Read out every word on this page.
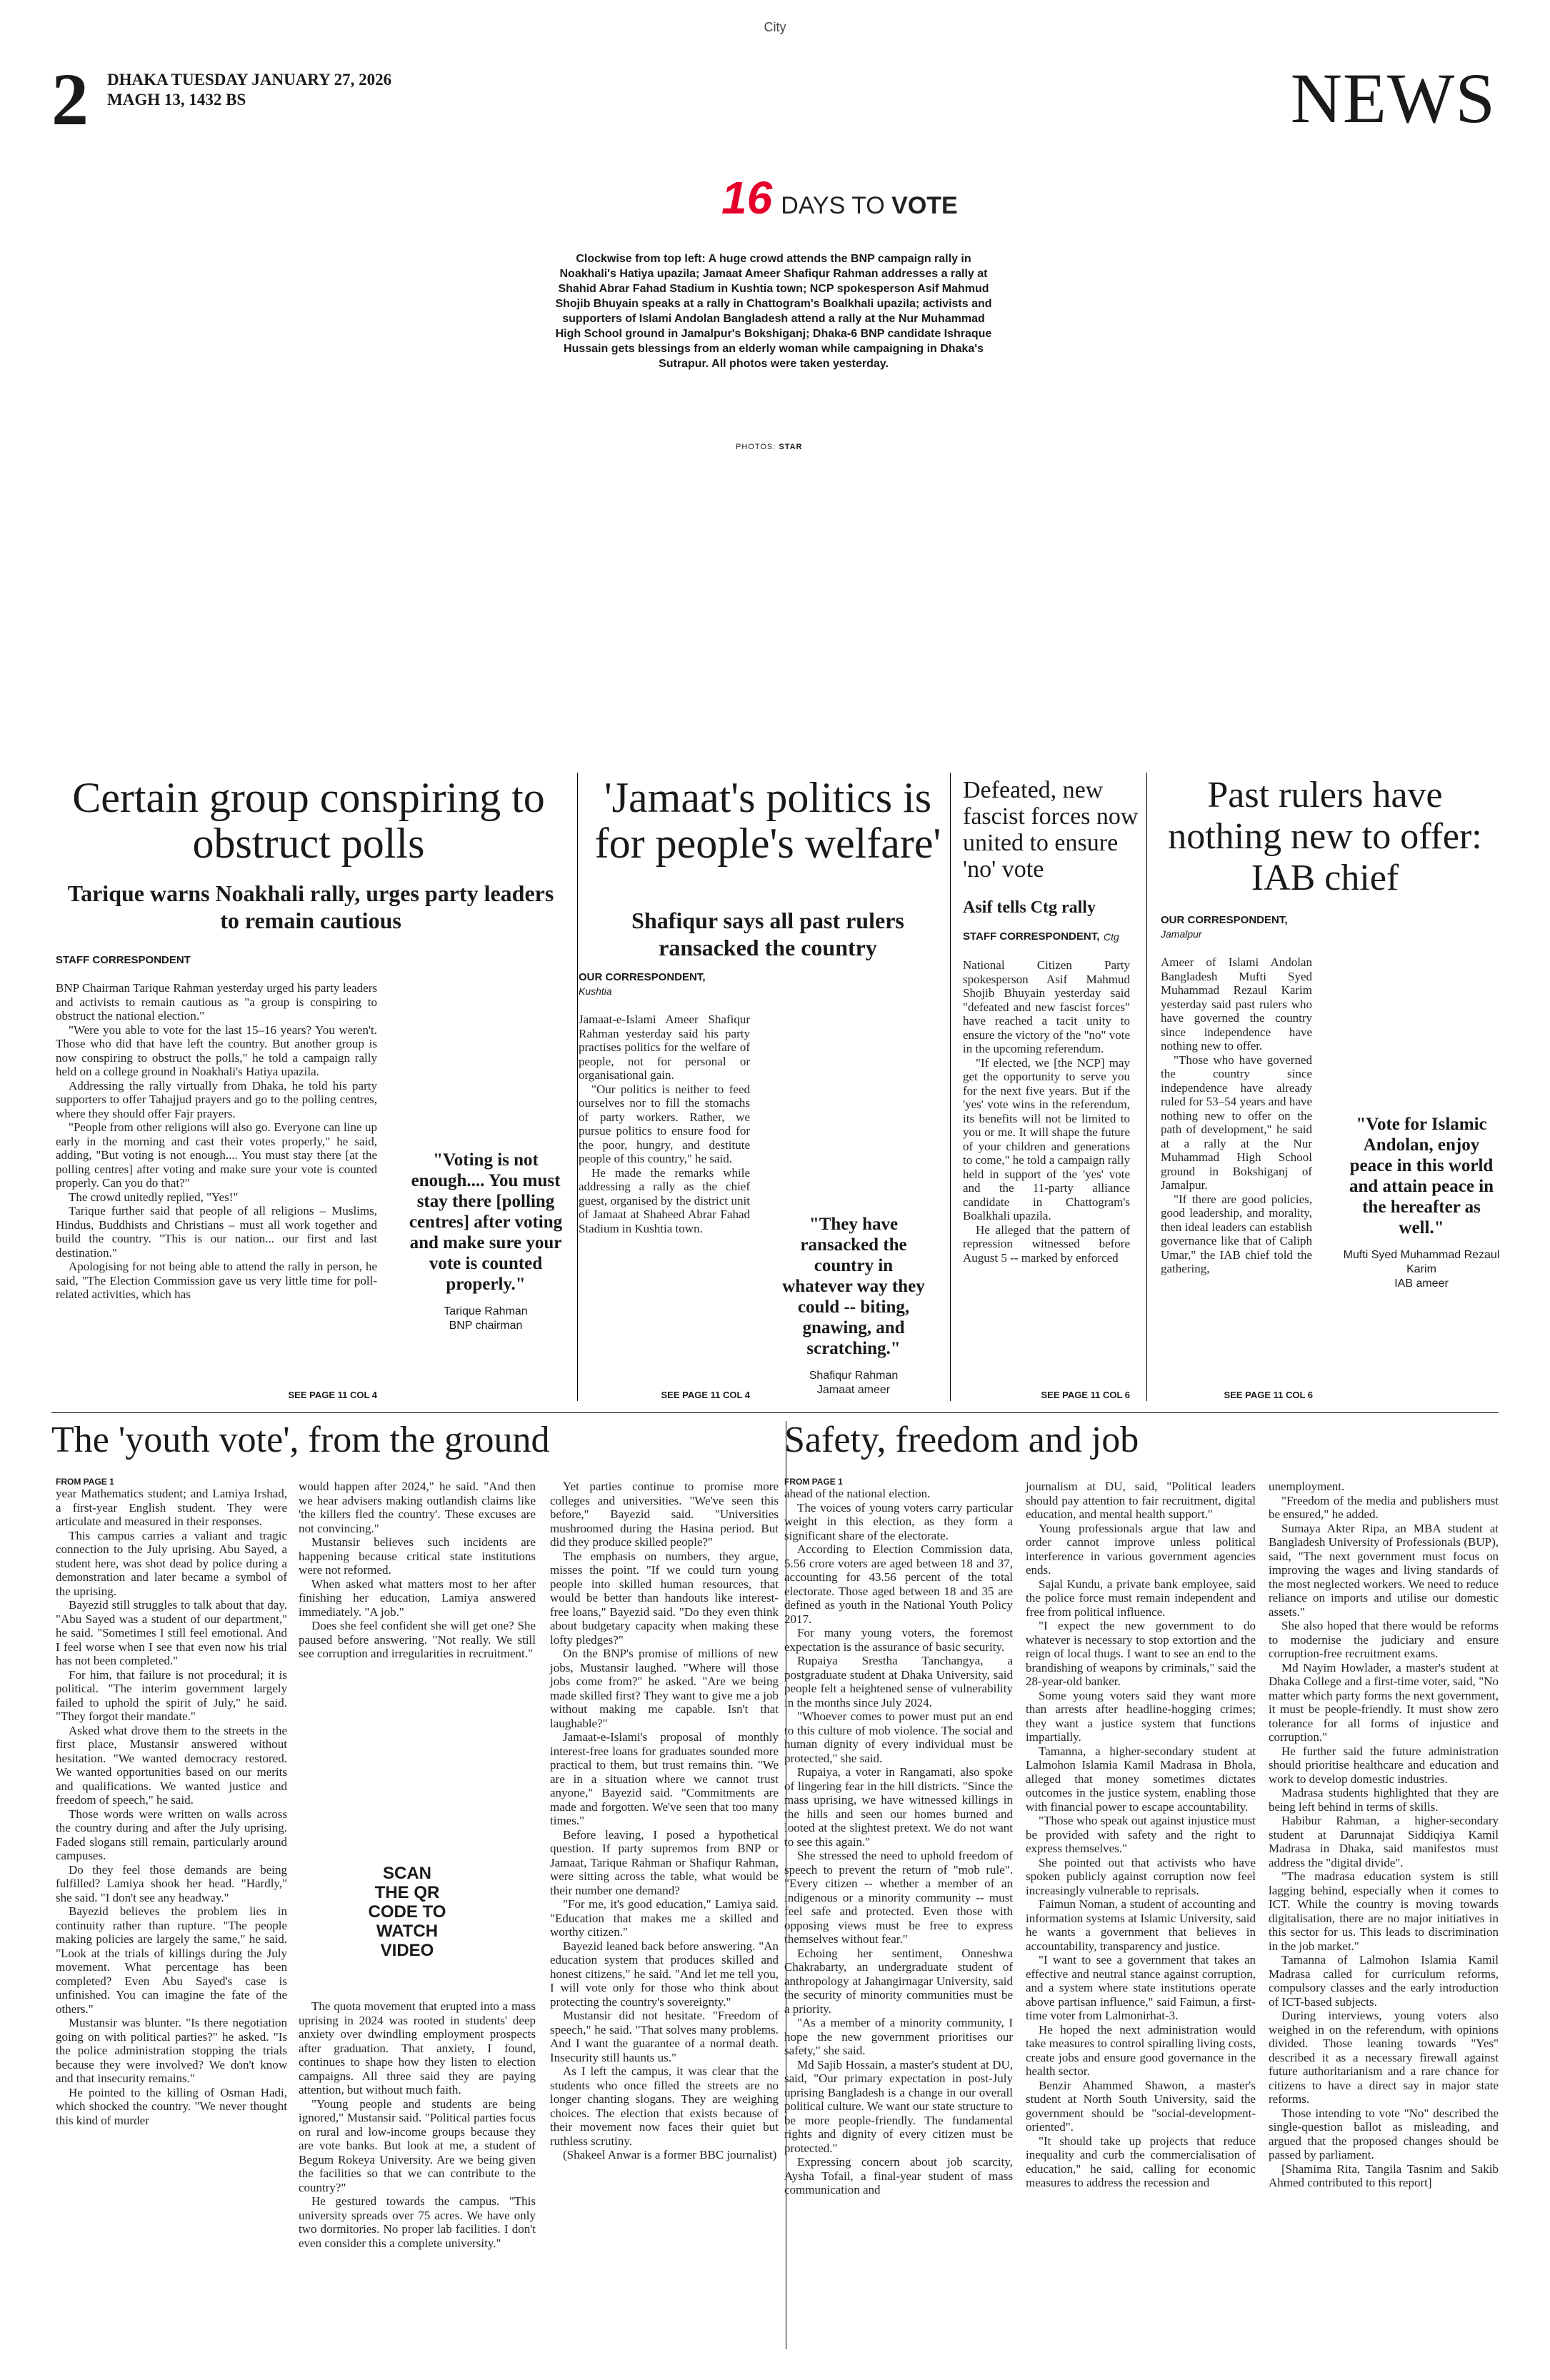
City
2 DHAKA TUESDAY JANUARY 27, 2026
MAGH 13, 1432 BS	NEWS
16 DAYS TO VOTE
Clockwise from top left: A huge crowd attends the BNP campaign rally in Noakhali's Hatiya upazila; Jamaat Ameer Shafiqur Rahman addresses a rally at Shahid Abrar Fahad Stadium in Kushtia town; NCP spokesperson Asif Mahmud Shojib Bhuyain speaks at a rally in Chattogram's Boalkhali upazila; activists and supporters of Islami Andolan Bangladesh attend a rally at the Nur Muhammad High School ground in Jamalpur's Bokshiganj; Dhaka-6 BNP candidate Ishraque Hussain gets blessings from an elderly woman while campaigning in Dhaka's Sutrapur. All photos were taken yesterday.
PHOTOS: STAR
Certain group conspiring to obstruct polls
Tarique warns Noakhali rally, urges party leaders to remain cautious
STAFF CORRESPONDENT

BNP Chairman Tarique Rahman yesterday urged his party leaders and activists to remain cautious as "a group is conspiring to obstruct the national election."

"Were you able to vote for the last 15–16 years? You weren't. Those who did that have left the country. But another group is now conspiring to obstruct the polls," he told a campaign rally held on a college ground in Noakhali's Hatiya upazila.

Addressing the rally virtually from Dhaka, he told his party supporters to offer Tahajjud prayers and go to the polling centres, where they should offer Fajr prayers.

"People from other religions will also go. Everyone can line up early in the morning and cast their votes properly," he said, adding, "But voting is not enough.... You must stay there [at the polling centres] after voting and make sure your vote is counted properly. Can you do that?"

The crowd unitedly replied, "Yes!"

Tarique further said that people of all religions – Muslims, Hindus, Buddhists and Christians – must all work together and build the country. "This is our nation... our first and last destination."

Apologising for not being able to attend the rally in person, he said, "The Election Commission gave us very little time for poll-related activities, which has

SEE PAGE 11 COL 4
"Voting is not enough.... You must stay there [polling centres] after voting and make sure your vote is counted properly."
Tarique Rahman
BNP chairman
'Jamaat's politics is for people's welfare'
Shafiqur says all past rulers ransacked the country
OUR CORRESPONDENT,
Kushtia

Jamaat-e-Islami Ameer Shafiqur Rahman yesterday said his party practises politics for the welfare of people, not for personal or organisational gain.

"Our politics is neither to feed ourselves nor to fill the stomachs of party workers. Rather, we pursue politics to ensure food for the poor, hungry, and destitute people of this country," he said.

He made the remarks while addressing a rally as the chief guest, organised by the district unit of Jamaat at Shaheed Abrar Fahad Stadium in Kushtia town.

SEE PAGE 11 COL 4
"They have ransacked the country in whatever way they could -- biting, gnawing, and scratching."
Shafiqur Rahman
Jamaat ameer
Defeated, new fascist forces now united to ensure 'no' vote
Asif tells Ctg rally
STAFF CORRESPONDENT, Ctg

National Citizen Party spokesperson Asif Mahmud Shojib Bhuyain yesterday said "defeated and new fascist forces" have reached a tacit unity to ensure the victory of the "no" vote in the upcoming referendum.

"If elected, we [the NCP] may get the opportunity to serve you for the next five years. But if the 'yes' vote wins in the referendum, its benefits will not be limited to you or me. It will shape the future of your children and generations to come," he told a campaign rally held in support of the 'yes' vote and the 11-party alliance candidate in Chattogram's Boalkhali upazila.

He alleged that the pattern of repression witnessed before August 5 -- marked by enforced

SEE PAGE 11 COL 6
Past rulers have nothing new to offer: IAB chief
OUR CORRESPONDENT,
Jamalpur

Ameer of Islami Andolan Bangladesh Mufti Syed Muhammad Rezaul Karim yesterday said past rulers who have governed the country since independence have nothing new to offer.

"Those who have governed the country since independence have already ruled for 53–54 years and have nothing new to offer on the path of development," he said at a rally at the Nur Muhammad High School ground in Bokshiganj of Jamalpur.

"If there are good policies, good leadership, and morality, then ideal leaders can establish governance like that of Caliph Umar," the IAB chief told the gathering,

SEE PAGE 11 COL 6
"Vote for Islamic Andolan, enjoy peace in this world and attain peace in the hereafter as well."
Mufti Syed Muhammad Rezaul Karim
IAB ameer
The 'youth vote', from the ground
FROM PAGE 1

year Mathematics student; and Lamiya Irshad, a first-year English student. They were articulate and measured in their responses.

This campus carries a valiant and tragic connection to the July uprising. Abu Sayed, a student here, was shot dead by police during a demonstration and later became a symbol of the uprising.

Bayezid still struggles to talk about that day. "Abu Sayed was a student of our department," he said. "Sometimes I still feel emotional. And I feel worse when I see that even now his trial has not been completed."

For him, that failure is not procedural; it is political. "The interim government largely failed to uphold the spirit of July," he said. "They forgot their mandate."

Asked what drove them to the streets in the first place, Mustansir answered without hesitation. "We wanted democracy restored. We wanted opportunities based on our merits and qualifications. We wanted justice and freedom of speech," he said.

Those words were written on walls across the country during and after the July uprising. Faded slogans still remain, particularly around campuses.

Do they feel those demands are being fulfilled? Lamiya shook her head. "Hardly," she said. "I don't see any headway."

Bayezid believes the problem lies in continuity rather than rupture. "The people making policies are largely the same," he said. "Look at the trials of killings during the July movement. What percentage has been completed? Even Abu Sayed's case is unfinished. You can imagine the fate of the others."

Mustansir was blunter. "Is there negotiation going on with political parties?" he asked. "Is the police administration stopping the trials because they were involved? We don't know and that insecurity remains."

He pointed to the killing of Osman Hadi, which shocked the country. "We never thought this kind of murder

would happen after 2024," he said. "And then we hear advisers making outlandish claims like 'the killers fled the country'. These excuses are not convincing."

Mustansir believes such incidents are happening because critical state institutions were not reformed.

When asked what matters most to her after finishing her education, Lamiya answered immediately. "A job."

Does she feel confident she will get one? She paused before answering. "Not really. We still see corruption and irregularities in recruitment."

SCAN THE QR CODE TO WATCH VIDEO

The quota movement that erupted into a mass uprising in 2024 was rooted in students' deep anxiety over dwindling employment prospects after graduation. That anxiety, I found, continues to shape how they listen to election campaigns. All three said they are paying attention, but without much faith.

"Young people and students are being ignored," Mustansir said. "Political parties focus on rural and low-income groups because they are vote banks. But look at me, a student of Begum Rokeya University. Are we being given the facilities so that we can contribute to the country?"

He gestured towards the campus. "This university spreads over 75 acres. We have only two dormitories. No proper lab facilities. I don't even consider this a complete university."

Yet parties continue to promise more colleges and universities. "We've seen this before," Bayezid said. "Universities mushroomed during the Hasina period. But did they produce skilled people?"

The emphasis on numbers, they argue, misses the point. "If we could turn young people into skilled human resources, that would be better than handouts like interest-free loans," Bayezid said. "Do they even think about budgetary capacity when making these lofty pledges?"

On the BNP's promise of millions of new jobs, Mustansir laughed. "Where will those jobs come from?" he asked. "Are we being made skilled first? They want to give me a job without making me capable. Isn't that laughable?"

Jamaat-e-Islami's proposal of monthly interest-free loans for graduates sounded more practical to them, but trust remains thin. "We are in a situation where we cannot trust anyone," Bayezid said. "Commitments are made and forgotten. We've seen that too many times."

Before leaving, I posed a hypothetical question. If party supremos from BNP or Jamaat, Tarique Rahman or Shafiqur Rahman, were sitting across the table, what would be their number one demand?

"For me, it's good education," Lamiya said. "Education that makes me a skilled and worthy citizen."

Bayezid leaned back before answering. "An education system that produces skilled and honest citizens," he said. "And let me tell you, I will vote only for those who think about protecting the country's sovereignty."

Mustansir did not hesitate. "Freedom of speech," he said. "That solves many problems. And I want the guarantee of a normal death. Insecurity still haunts us."

As I left the campus, it was clear that the students who once filled the streets are no longer chanting slogans. They are weighing choices. The election that exists because of their movement now faces their quiet but ruthless scrutiny.

(Shakeel Anwar is a former BBC journalist)

Safety, freedom and job
FROM PAGE 1

ahead of the national election.

The voices of young voters carry particular weight in this election, as they form a significant share of the electorate.

According to Election Commission data, 5.56 crore voters are aged between 18 and 37, accounting for 43.56 percent of the total electorate. Those aged between 18 and 35 are defined as youth in the National Youth Policy 2017.

For many young voters, the foremost expectation is the assurance of basic security.

Rupaiya Srestha Tanchangya, a postgraduate student at Dhaka University, said people felt a heightened sense of vulnerability in the months since July 2024.

"Whoever comes to power must put an end to this culture of mob violence. The social and human dignity of every individual must be protected," she said.

Rupaiya, a voter in Rangamati, also spoke of lingering fear in the hill districts. "Since the mass uprising, we have witnessed killings in the hills and seen our homes burned and looted at the slightest pretext. We do not want to see this again."

She stressed the need to uphold freedom of speech to prevent the return of "mob rule". "Every citizen -- whether a member of an indigenous or a minority community -- must feel safe and protected. Even those with opposing views must be free to express themselves without fear."

Echoing her sentiment, Onneshwa Chakrabarty, an undergraduate student of anthropology at Jahangirnagar University, said the security of minority communities must be a priority.

"As a member of a minority community, I hope the new government prioritises our safety," she said.

Md Sajib Hossain, a master's student at DU, said, "Our primary expectation in post-July uprising Bangladesh is a change in our overall political culture. We want our state structure to be more people-friendly. The fundamental rights and dignity of every citizen must be protected."

Expressing concern about job scarcity, Aysha Tofail, a final-year student of mass communication and

journalism at DU, said, "Political leaders should pay attention to fair recruitment, digital education, and mental health support."

Young professionals argue that law and order cannot improve unless political interference in various government agencies ends.

Sajal Kundu, a private bank employee, said the police force must remain independent and free from political influence.

"I expect the new government to do whatever is necessary to stop extortion and the reign of local thugs. I want to see an end to the brandishing of weapons by criminals," said the 28-year-old banker.

Some young voters said they want more than arrests after headline-hogging crimes; they want a justice system that functions impartially.

Tamanna, a higher-secondary student at Lalmohon Islamia Kamil Madrasa in Bhola, alleged that money sometimes dictates outcomes in the justice system, enabling those with financial power to escape accountability.

"Those who speak out against injustice must be provided with safety and the right to express themselves."

She pointed out that activists who have spoken publicly against corruption now feel increasingly vulnerable to reprisals.

Faimun Noman, a student of accounting and information systems at Islamic University, said he wants a government that believes in accountability, transparency and justice.

"I want to see a government that takes an effective and neutral stance against corruption, and a system where state institutions operate above partisan influence," said Faimun, a first-time voter from Lalmonirhat-3.

He hoped the next administration would take measures to control spiralling living costs, create jobs and ensure good governance in the health sector.

Benzir Ahammed Shawon, a master's student at North South University, said the government should be "social-development-oriented".

"It should take up projects that reduce inequality and curb the commercialisation of education," he said, calling for economic measures to address the recession and

unemployment.

"Freedom of the media and publishers must be ensured," he added.

Sumaya Akter Ripa, an MBA student at Bangladesh University of Professionals (BUP), said, "The next government must focus on improving the wages and living standards of the most neglected workers. We need to reduce reliance on imports and utilise our domestic assets."

She also hoped that there would be reforms to modernise the judiciary and ensure corruption-free recruitment exams.

Md Nayim Howlader, a master's student at Dhaka College and a first-time voter, said, "No matter which party forms the next government, it must be people-friendly. It must show zero tolerance for all forms of injustice and corruption."

He further said the future administration should prioritise healthcare and education and work to develop domestic industries.

Madrasa students highlighted that they are being left behind in terms of skills.

Habibur Rahman, a higher-secondary student at Darunnajat Siddiqiya Kamil Madrasa in Dhaka, said manifestos must address the "digital divide".

"The madrasa education system is still lagging behind, especially when it comes to ICT. While the country is moving towards digitalisation, there are no major initiatives in this sector for us. This leads to discrimination in the job market."

Tamanna of Lalmohon Islamia Kamil Madrasa called for curriculum reforms, compulsory classes and the early introduction of ICT-based subjects.

During interviews, young voters also weighed in on the referendum, with opinions divided. Those leaning towards "Yes" described it as a necessary firewall against future authoritarianism and a rare chance for citizens to have a direct say in major state reforms.

Those intending to vote "No" described the single-question ballot as misleading, and argued that the proposed changes should be passed by parliament.

[Shamima Rita, Tangila Tasnim and Sakib Ahmed contributed to this report]
